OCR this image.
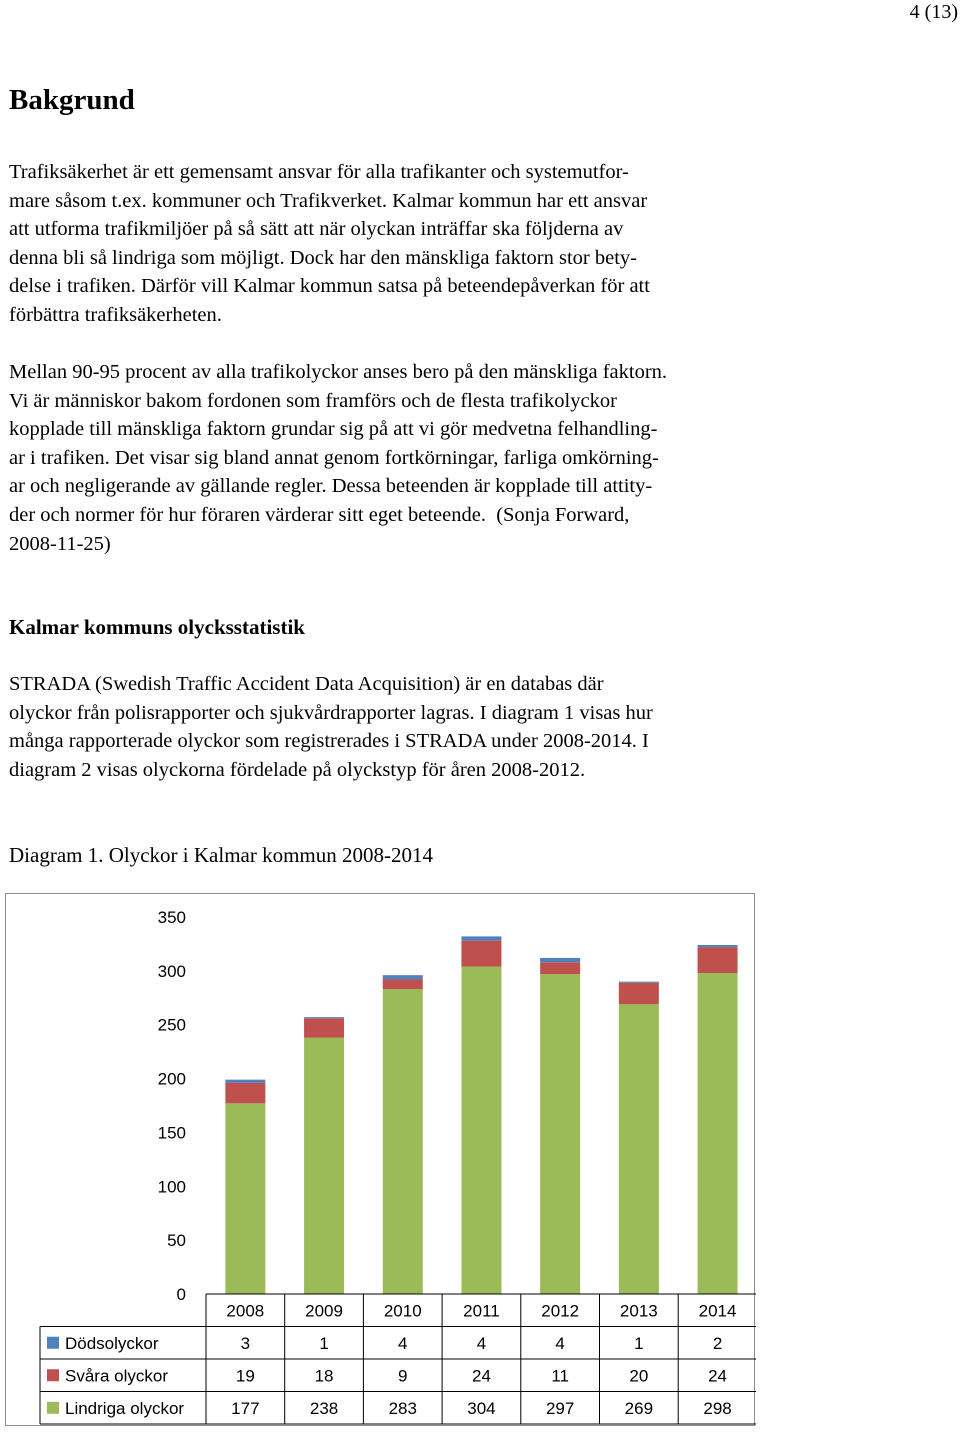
4 (13)
Bakgrund
Trafiksäkerhet är ett gemensamt ansvar för alla trafikanter och systemutfor-
mare såsom t.ex. kommuner och Trafikverket. Kalmar kommun har ett ansvar
att utforma trafikmiljöer på så sätt att när olyckan inträffar ska följderna av
denna bli så lindriga som möjligt. Dock har den mänskliga faktorn stor bety-
delse i trafiken. Därför vill Kalmar kommun satsa på beteendepåverkan för att
förbättra trafiksäkerheten.
Mellan 90-95 procent av alla trafikolyckor anses bero på den mänskliga faktorn.
Vi är människor bakom fordonen som framförs och de flesta trafikolyckor
kopplade till mänskliga faktorn grundar sig på att vi gör medvetna felhandling-
ar i trafiken. Det visar sig bland annat genom fortkörningar, farliga omkörning-
ar och negligerande av gällande regler. Dessa beteenden är kopplade till attity-
der och normer för hur föraren värderar sitt eget beteende.  (Sonja Forward,
2008-11-25)
Kalmar kommuns olycksstatistik
STRADA (Swedish Traffic Accident Data Acquisition) är en databas där
olyckor från polisrapporter och sjukvårdrapporter lagras. I diagram 1 visas hur
många rapporterade olyckor som registrerades i STRADA under 2008-2014. I
diagram 2 visas olyckorna fördelade på olyckstyp för åren 2008-2012.
Diagram 1. Olyckor i Kalmar kommun 2008-2014
0
50
100
150
200
250
300
350
2008 2009 2010 2011 2012 2013 2014
Dödsolyckor	3	1	4	4	4	1	2
Svåra olyckor	19	18	9	24	11	20	24
Lindriga olyckor	177	238	283	304	297	269	298
